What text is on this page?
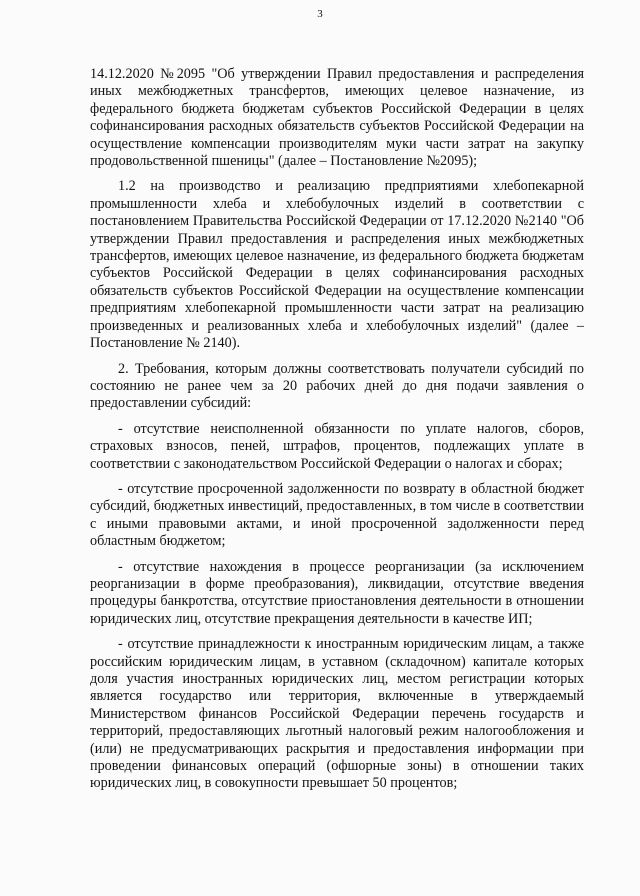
3

14.12.2020 №2095 "Об утверждении Правил предоставления и распределения иных межбюджетных трансфертов, имеющих целевое назначение, из федерального бюджета бюджетам субъектов Российской Федерации в целях софинансирования расходных обязательств субъектов Российской Федерации на осуществление компенсации производителям муки части затрат на закупку продовольственной пшеницы" (далее – Постановление №2095);

1.2 на производство и реализацию предприятиями хлебопекарной промышленности хлеба и хлебобулочных изделий в соответствии с постановлением Правительства Российской Федерации от 17.12.2020 №2140 "Об утверждении Правил предоставления и распределения иных межбюджетных трансфертов, имеющих целевое назначение, из федерального бюджета бюджетам субъектов Российской Федерации в целях софинансирования расходных обязательств субъектов Российской Федерации на осуществление компенсации предприятиям хлебопекарной промышленности части затрат на реализацию произведенных и реализованных хлеба и хлебобулочных изделий" (далее – Постановление № 2140).

2. Требования, которым должны соответствовать получатели субсидий по состоянию не ранее чем за 20 рабочих дней до дня подачи заявления о предоставлении субсидий:

- отсутствие неисполненной обязанности по уплате налогов, сборов, страховых взносов, пеней, штрафов, процентов, подлежащих уплате в соответствии с законодательством Российской Федерации о налогах и сборах;

- отсутствие просроченной задолженности по возврату в областной бюджет субсидий, бюджетных инвестиций, предоставленных, в том числе в соответствии с иными правовыми актами, и иной просроченной задолженности перед областным бюджетом;

- отсутствие нахождения в процессе реорганизации (за исключением реорганизации в форме преобразования), ликвидации, отсутствие введения процедуры банкротства, отсутствие приостановления деятельности в отношении юридических лиц, отсутствие прекращения деятельности в качестве ИП;

- отсутствие принадлежности к иностранным юридическим лицам, а также российским юридическим лицам, в уставном (складочном) капитале которых доля участия иностранных юридических лиц, местом регистрации которых является государство или территория, включенные в утверждаемый Министерством финансов Российской Федерации перечень государств и территорий, предоставляющих льготный налоговый режим налогообложения и (или) не предусматривающих раскрытия и предоставления информации при проведении финансовых операций (офшорные зоны) в отношении таких юридических лиц, в совокупности превышает 50 процентов;
